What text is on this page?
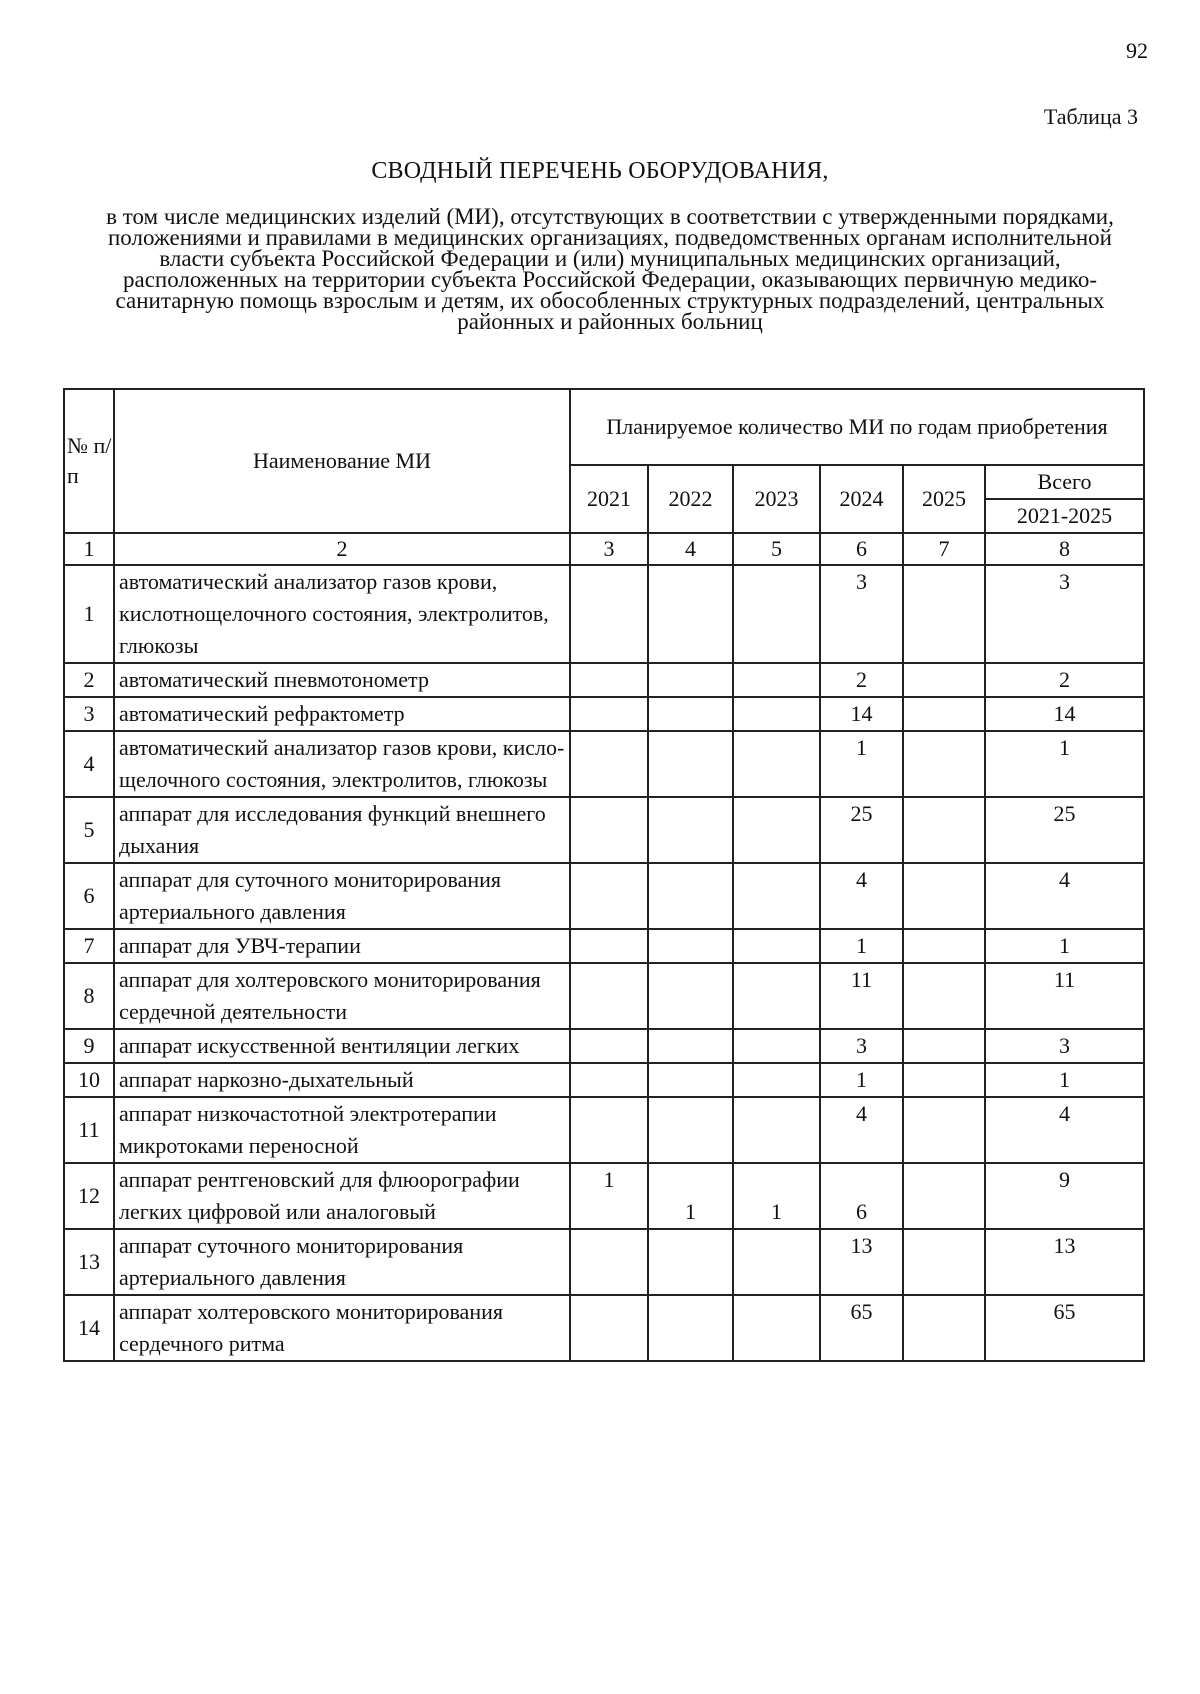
92
Таблица 3
СВОДНЫЙ ПЕРЕЧЕНЬ ОБОРУДОВАНИЯ,
в том числе медицинских изделий (МИ), отсутствующих в соответствии с утвержденными порядками, положениями и правилами в медицинских организациях, подведомственных органам исполнительной власти субъекта Российской Федерации и (или) муниципальных медицинских организаций, расположенных на территории субъекта Российской Федерации, оказывающих первичную медико-санитарную помощь взрослым и детям, их обособленных структурных подразделений, центральных районных и районных больниц
№ п/п	Наименование МИ	Планируемое количество МИ по годам приобретения					
		2021	2022	2023	2024	2025	Всего
							2021-2025
1	2	3	4	5	6	7	8
1	автоматический анализатор газов крови, кислотнощелочного состояния, электролитов, глюкозы				3		3
2	автоматический пневмотонометр				2		2
3	автоматический рефрактометр				14		14
4	автоматический анализатор газов крови, кисло-щелочного состояния, электролитов, глюкозы				1		1
5	аппарат для исследования функций внешнего дыхания				25		25
6	аппарат для суточного мониторирования артериального давления				4		4
7	аппарат для УВЧ-терапии				1		1
8	аппарат для холтеровского мониторирования сердечной деятельности				11		11
9	аппарат искусственной вентиляции легких				3		3
10	аппарат наркозно-дыхательный				1		1
11	аппарат низкочастотной электротерапии микротоками переносной				4		4
12	аппарат рентгеновский для флюорографии легких цифровой или аналоговый	1	1	1	6		9
13	аппарат суточного мониторирования артериального давления				13		13
14	аппарат холтеровского мониторирования сердечного ритма				65		65
